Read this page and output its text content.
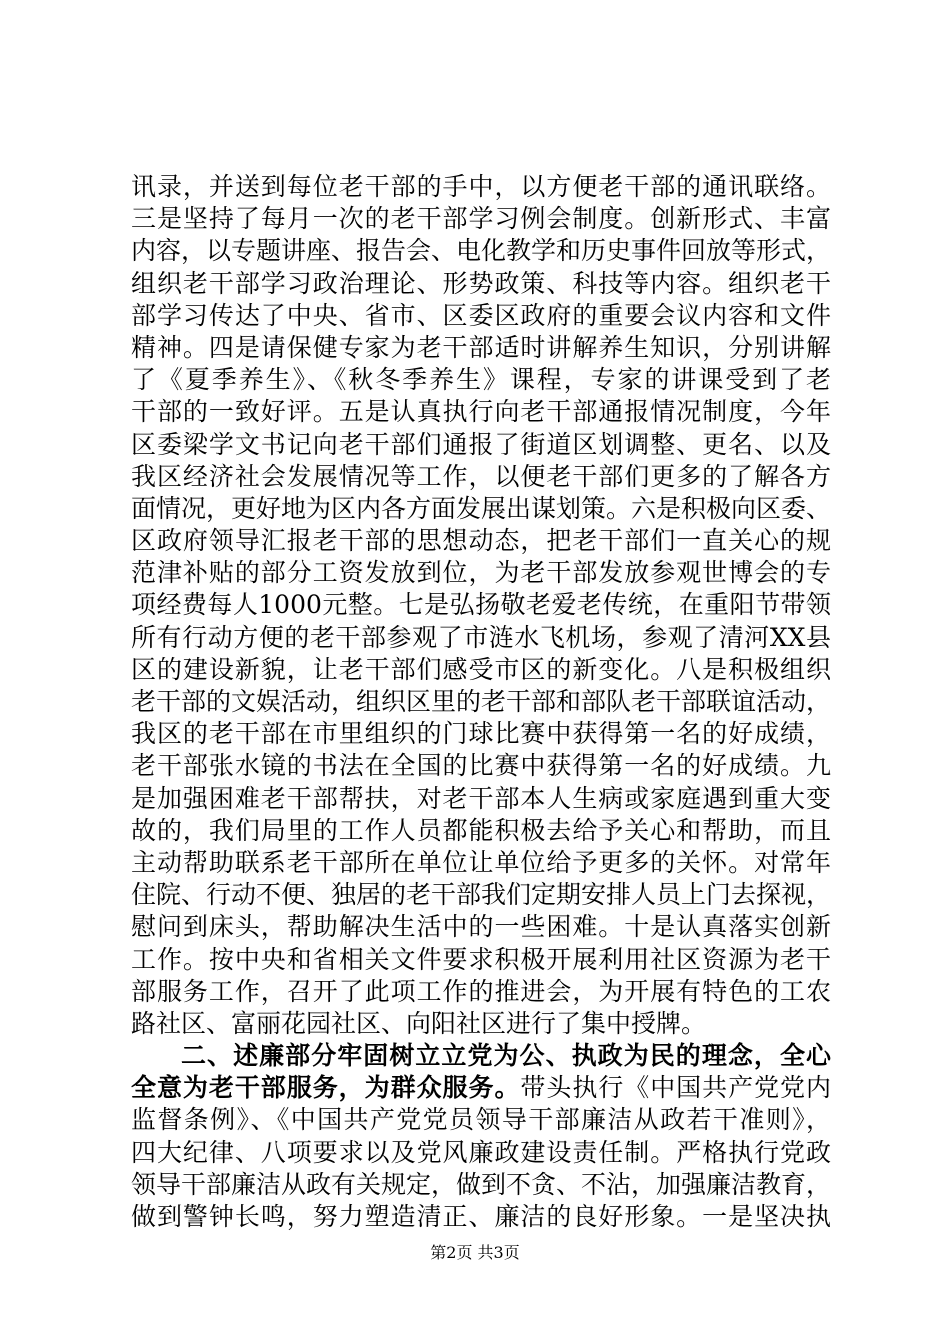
讯录，并送到每位老干部的手中，以方便老干部的通讯联络。
三是坚持了每月一次的老干部学习例会制度。创新形式、丰富
内容，以专题讲座、报告会、电化教学和历史事件回放等形式，
组织老干部学习政治理论、形势政策、科技等内容。组织老干
部学习传达了中央、省市、区委区政府的重要会议内容和文件
精神。四是请保健专家为老干部适时讲解养生知识，分别讲解
了《夏季养生》、《秋冬季养生》课程，专家的讲课受到了老
干部的一致好评。五是认真执行向老干部通报情况制度，今年
区委梁学文书记向老干部们通报了街道区划调整、更名、以及
我区经济社会发展情况等工作，以便老干部们更多的了解各方
面情况，更好地为区内各方面发展出谋划策。六是积极向区委、
区政府领导汇报老干部的思想动态，把老干部们一直关心的规
范津补贴的部分工资发放到位，为老干部发放参观世博会的专
项经费每人1000元整。七是弘扬敬老爱老传统，在重阳节带领
所有行动方便的老干部参观了市涟水飞机场，参观了清河XX县
区的建设新貌，让老干部们感受市区的新变化。八是积极组织
老干部的文娱活动，组织区里的老干部和部队老干部联谊活动，
我区的老干部在市里组织的门球比赛中获得第一名的好成绩，
老干部张水镜的书法在全国的比赛中获得第一名的好成绩。九
是加强困难老干部帮扶，对老干部本人生病或家庭遇到重大变
故的，我们局里的工作人员都能积极去给予关心和帮助，而且
主动帮助联系老干部所在单位让单位给予更多的关怀。对常年
住院、行动不便、独居的老干部我们定期安排人员上门去探视，
慰问到床头，帮助解决生活中的一些困难。十是认真落实创新
工作。按中央和省相关文件要求积极开展利用社区资源为老干
部服务工作，召开了此项工作的推进会，为开展有特色的工农
路社区、富丽花园社区、向阳社区进行了集中授牌。
二、述廉部分牢固树立立党为公、执政为民的理念，全心
全意为老干部服务，为群众服务。带头执行《中国共产党党内
监督条例》、《中国共产党党员领导干部廉洁从政若干准则》，
四大纪律、八项要求以及党风廉政建设责任制。严格执行党政
领导干部廉洁从政有关规定，做到不贪、不沾，加强廉洁教育，
做到警钟长鸣，努力塑造清正、廉洁的良好形象。一是坚决执
第2页 共3页
